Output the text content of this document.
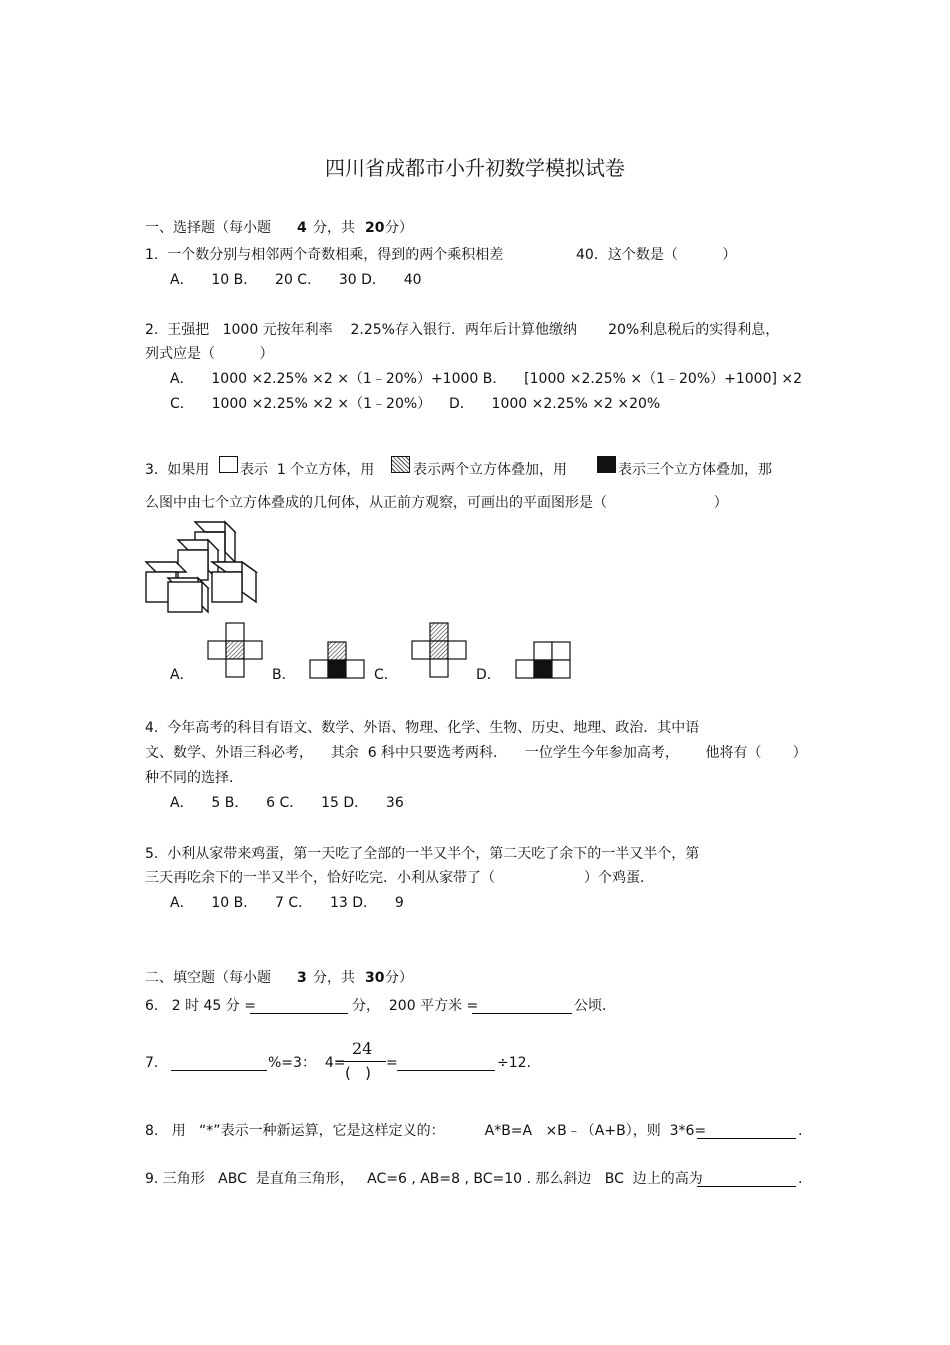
四川省成都市小升初数学模拟试卷
一、选择题（每小题 4 分，共 20 分）
1.  一个数分别与相邻两个奇数相乘，得到的两个乘积相差	40．这个数是（          ）
A．    10 B．    20 C．    30 D．    40
2.  王强把   1000 元按年利率    2.25%存入银行．两年后计算他缴纳       20%利息税后的实得利息，
列式应是（          ）
A．    1000 ×2.25% ×2 ×（1﹣20%）+1000 B．    [1000 ×2.25% ×（1﹣20%）+1000] ×2
C．    1000 ×2.25% ×2 ×（1﹣20%）    D．    1000 ×2.25% ×2 ×20%
3.  如果用 表示  1 个立方体，用	表示两个立方体叠加，用	表示三个立方体叠加，那
么图中由七个立方体叠成的几何体，从正前方观察，可画出的平面图形是（                        ）
A．	B．	C．	D．
4.  今年高考的科目有语文、数学、外语、物理、化学、生物、历史、地理、政治．其中语
文、数学、外语三科必考，    其余  6 科中只要选考两科．    一位学生今年参加高考，      他将有（       ）
种不同的选择．
A．    5 B．    6 C．    15 D．    36
5.  小利从家带来鸡蛋，第一天吃了全部的一半又半个，第二天吃了余下的一半又半个，第
三天再吃余下的一半又半个，恰好吃完．小利从家带了（                    ）个鸡蛋．
A．    10 B．    7 C．    13 D．    9
二、填空题（每小题 3 分，共 30 分）
6.   2 时 45 分 =	分，  200 平方米 =	公顷．
7.	%=3：  4=
24
(   )
=	÷12.
8.   用   “*”表示一种新运算，它是这样定义的：         A*B=A   ×B﹣（A+B），则  3*6=	.
9. 三角形   ABC  是直角三角形，   AC=6 , AB=8 , BC=10 . 那么斜边   BC  边上的高为	.
